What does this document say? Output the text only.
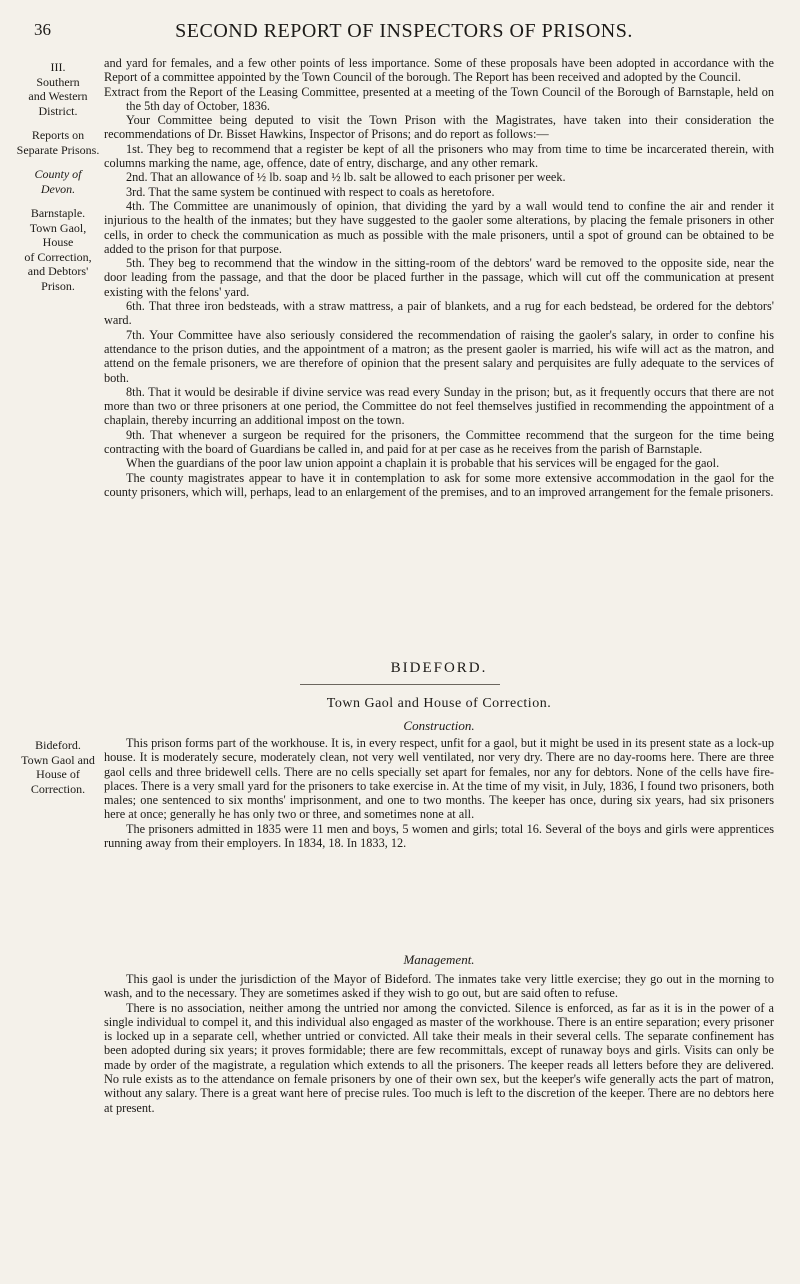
36	SECOND REPORT OF INSPECTORS OF PRISONS.

III.

Southern

and Western

District.

Reports on

Separate Prisons.

County of Devon.

Barnstaple.

Town Gaol, House

of Correction,

and Debtors' Prison.

and yard for females, and a few other points of less importance. Some of these proposals have been adopted in accordance with the Report of a committee appointed by the Town Council of the borough. The Report has been received and adopted by the Council.

Extract from the Report of the Leasing Committee, presented at a meeting of the Town Council of the Borough of Barnstaple, held on the 5th day of October, 1836.

Your Committee being deputed to visit the Town Prison with the Magistrates, have taken into their consideration the recommendations of Dr. Bisset Hawkins, Inspector of Prisons; and do report as follows:—

1st. They beg to recommend that a register be kept of all the prisoners who may from time to time be incarcerated therein, with columns marking the name, age, offence, date of entry, discharge, and any other remark.

2nd. That an allowance of ½ lb. soap and ½ lb. salt be allowed to each prisoner per week.

3rd. That the same system be continued with respect to coals as heretofore.

4th. The Committee are unanimously of opinion, that dividing the yard by a wall would tend to confine the air and render it injurious to the health of the inmates; but they have suggested to the gaoler some alterations, by placing the female prisoners in other cells, in order to check the communication as much as possible with the male prisoners, until a spot of ground can be obtained to be added to the prison for that purpose.

5th. They beg to recommend that the window in the sitting-room of the debtors' ward be removed to the opposite side, near the door leading from the passage, and that the door be placed further in the passage, which will cut off the communication at present existing with the felons' yard.

6th. That three iron bedsteads, with a straw mattress, a pair of blankets, and a rug for each bedstead, be ordered for the debtors' ward.

7th. Your Committee have also seriously considered the recommendation of raising the gaoler's salary, in order to confine his attendance to the prison duties, and the appointment of a matron; as the present gaoler is married, his wife will act as the matron, and attend on the female prisoners, we are therefore of opinion that the present salary and perquisites are fully adequate to the services of both.

8th. That it would be desirable if divine service was read every Sunday in the prison; but, as it frequently occurs that there are not more than two or three prisoners at one period, the Committee do not feel themselves justified in recommending the appointment of a chaplain, thereby incurring an additional impost on the town.

9th. That whenever a surgeon be required for the prisoners, the Committee recommend that the surgeon for the time being contracting with the board of Guardians be called in, and paid for at per case as he receives from the parish of Barnstaple.

When the guardians of the poor law union appoint a chaplain it is probable that his services will be engaged for the gaol.

The county magistrates appear to have it in contemplation to ask for some more extensive accommodation in the gaol for the county prisoners, which will, perhaps, lead to an enlargement of the premises, and to an improved arrangement for the female prisoners.

BIDEFORD.
Town Gaol and House of Correction.
Construction.

Bideford.

Town Gaol and

House of Correction.

This prison forms part of the workhouse. It is, in every respect, unfit for a gaol, but it might be used in its present state as a lock-up house. It is moderately secure, moderately clean, not very well ventilated, nor very dry. There are no day-rooms here. There are three gaol cells and three bridewell cells. There are no cells specially set apart for females, nor any for debtors. None of the cells have fire-places. There is a very small yard for the prisoners to take exercise in. At the time of my visit, in July, 1836, I found two prisoners, both males; one sentenced to six months' imprisonment, and one to two months. The keeper has once, during six years, had six prisoners here at once; generally he has only two or three, and sometimes none at all.

The prisoners admitted in 1835 were 11 men and boys, 5 women and girls; total 16. Several of the boys and girls were apprentices running away from their employers. In 1834, 18. In 1833, 12.

Management.

This gaol is under the jurisdiction of the Mayor of Bideford. The inmates take very little exercise; they go out in the morning to wash, and to the necessary. They are sometimes asked if they wish to go out, but are said often to refuse.

There is no association, neither among the untried nor among the convicted. Silence is enforced, as far as it is in the power of a single individual to compel it, and this individual also engaged as master of the workhouse. There is an entire separation; every prisoner is locked up in a separate cell, whether untried or convicted. All take their meals in their several cells. The separate confinement has been adopted during six years; it proves formidable; there are few recommittals, except of runaway boys and girls. Visits can only be made by order of the magistrate, a regulation which extends to all the prisoners. The keeper reads all letters before they are delivered. No rule exists as to the attendance on female prisoners by one of their own sex, but the keeper's wife generally acts the part of matron, without any salary. There is a great want here of precise rules. Too much is left to the discretion of the keeper. There are no debtors here at present.
